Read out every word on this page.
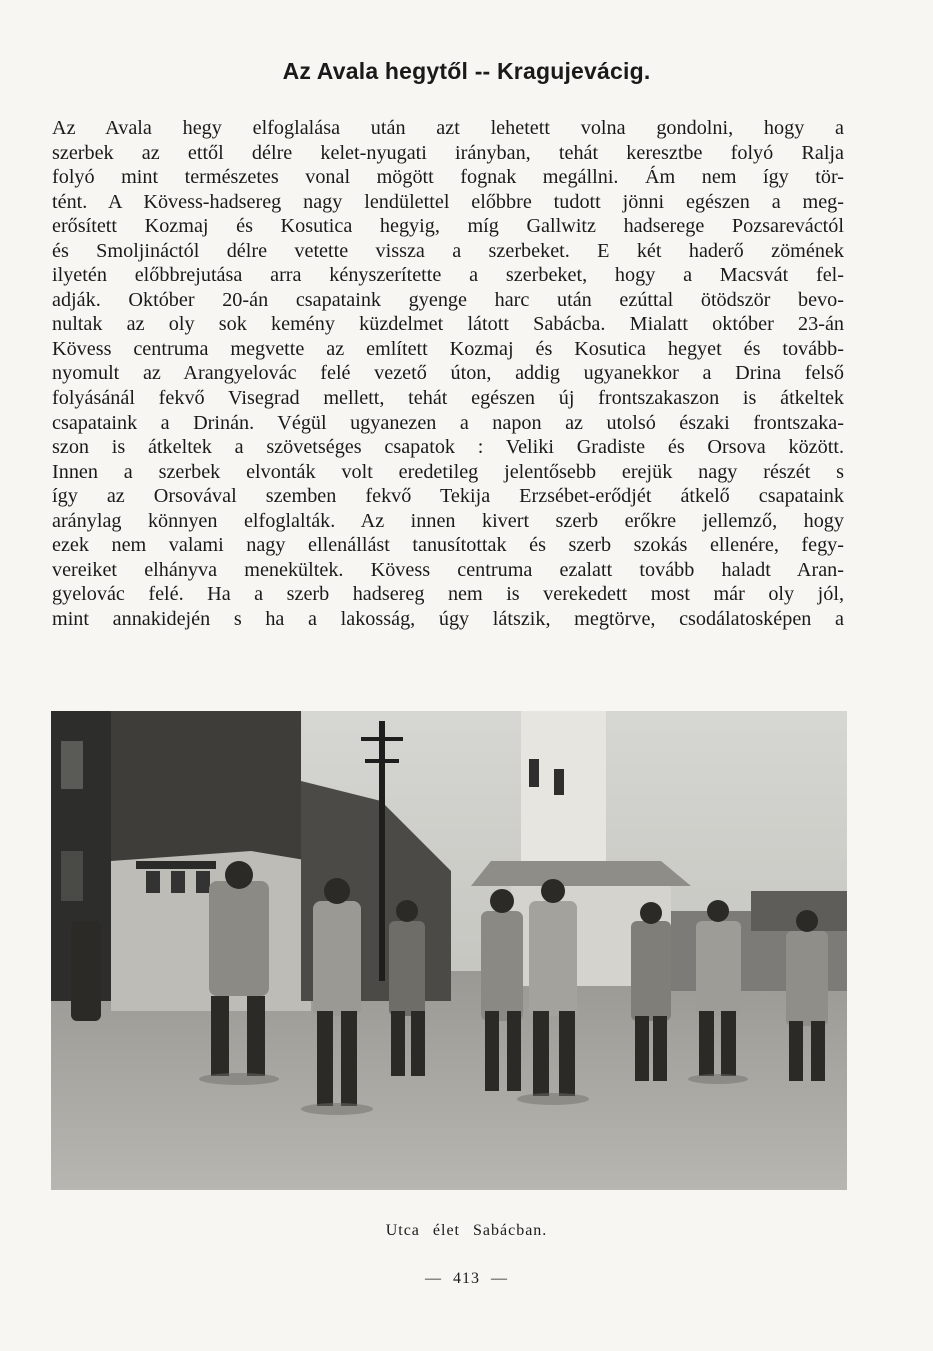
Az Avala hegytől -- Kragujevácig.
Az Avala hegy elfoglalása után azt lehetett volna gondolni, hogy a
szerbek az ettől délre kelet-nyugati irányban, tehát keresztbe folyó Ralja
folyó mint természetes vonal mögött fognak megállni. Ám nem így tör-
tént. A Kövess-hadsereg nagy lendülettel előbbre tudott jönni egészen a meg-
erősített Kozmaj és Kosutica hegyig, míg Gallwitz hadserege Pozsareváctól
és Smoljináctól délre vetette vissza a szerbeket. E két haderő zömének
ilyetén előbbrejutása arra kényszerítette a szerbeket, hogy a Macsvát fel-
adják. Október 20-án csapataink gyenge harc után ezúttal ötödször bevo-
nultak az oly sok kemény küzdelmet látott Sabácba. Mialatt október 23-án
Kövess centruma megvette az említett Kozmaj és Kosutica hegyet és tovább-
nyomult az Arangyelovác felé vezető úton, addig ugyanekkor a Drina felső
folyásánál fekvő Visegrad mellett, tehát egészen új frontszakaszon is átkeltek
csapataink a Drinán. Végül ugyanezen a napon az utolsó északi frontszaka-
szon is átkeltek a szövetséges csapatok : Veliki Gradiste és Orsova között.
Innen a szerbek elvonták volt eredetileg jelentősebb erejük nagy részét s
így az Orsovával szemben fekvő Tekija Erzsébet-erődjét átkelő csapataink
aránylag könnyen elfoglalták. Az innen kivert szerb erőkre jellemző, hogy
ezek nem valami nagy ellenállást tanusítottak és szerb szokás ellenére, fegy-
vereiket elhányva menekültek. Kövess centruma ezalatt tovább haladt Aran-
gyelovác felé. Ha a szerb hadsereg nem is verekedett most már oly jól,
mint annakidején s ha a lakosság, úgy látszik, megtörve, csodálatosképen a
Utca élet Sabácban.
— 413 —
